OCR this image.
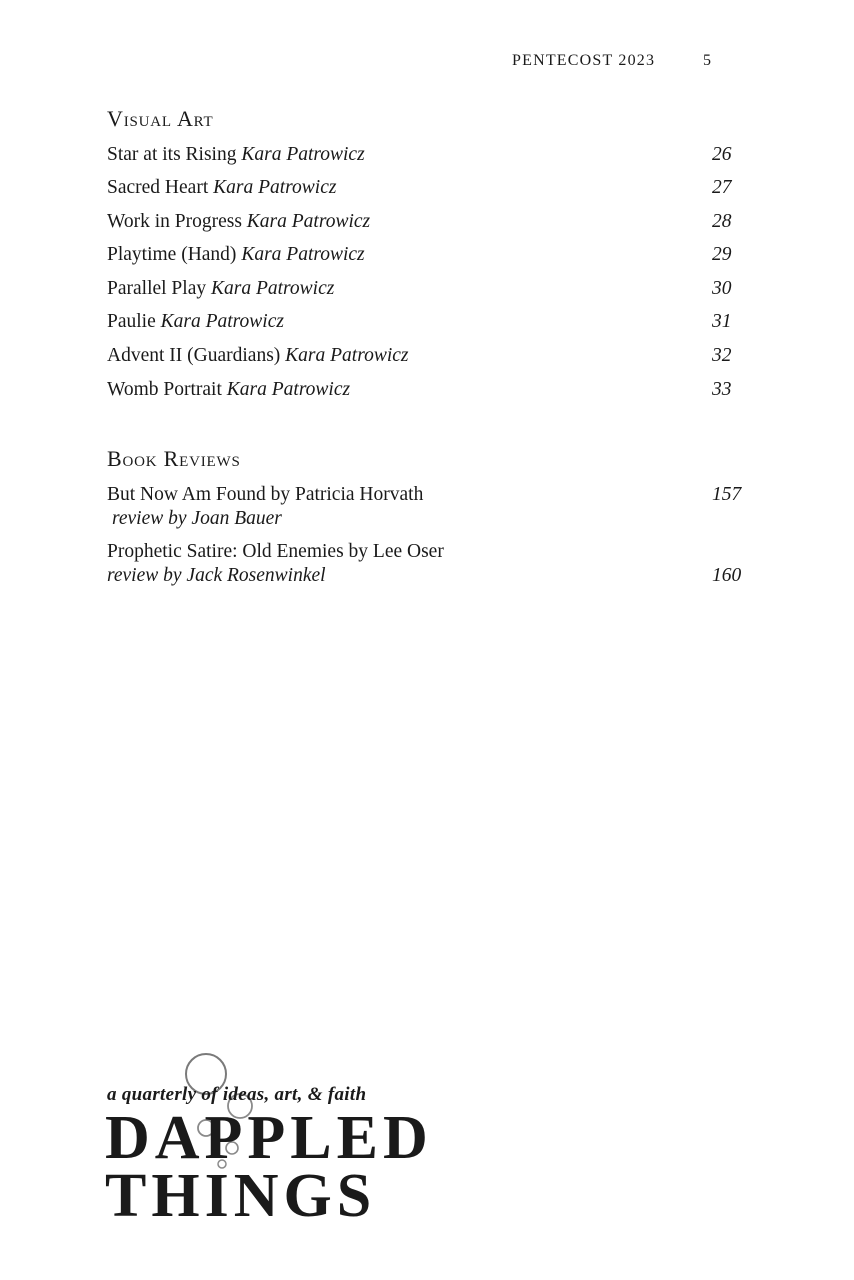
PENTECOST 2023	5
Visual Art
Star at its Rising Kara Patrowicz	26
Sacred Heart Kara Patrowicz	27
Work in Progress Kara Patrowicz	28
Playtime (Hand) Kara Patrowicz	29
Parallel Play Kara Patrowicz	30
Paulie Kara Patrowicz	31
Advent II (Guardians) Kara Patrowicz	32
Womb Portrait Kara Patrowicz	33
Book Reviews
But Now Am Found by Patricia Horvath	157
review by Joan Bauer
Prophetic Satire: Old Enemies by Lee Oser
review by Jack Rosenwinkel	160
a quarterly of ideas, art, & faith
DAPPLED
THINGS
